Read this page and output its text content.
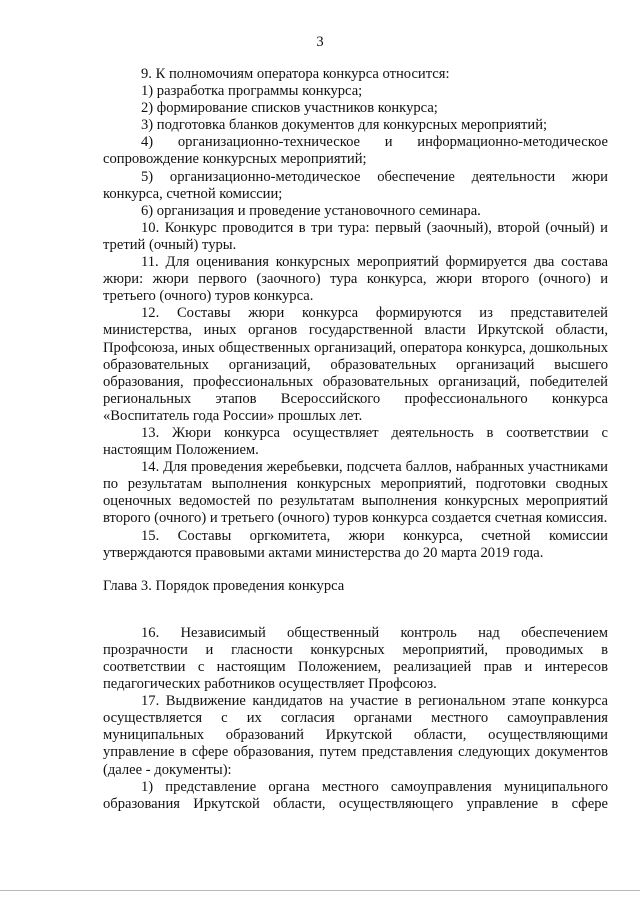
3

9. К полномочиям оператора конкурса относится:

1) разработка программы конкурса;

2) формирование списков участников конкурса;

3) подготовка бланков документов для конкурсных мероприятий;

4) организационно-техническое и информационно-методическое сопровождение конкурсных мероприятий;

5) организационно-методическое обеспечение деятельности жюри конкурса, счетной комиссии;

6) организация и проведение установочного семинара.

10. Конкурс проводится в три тура: первый (заочный), второй (очный) и третий (очный) туры.

11. Для оценивания конкурсных мероприятий формируется два состава жюри: жюри первого (заочного) тура конкурса, жюри второго (очного) и третьего (очного) туров конкурса.

12. Составы жюри конкурса формируются из представителей министерства, иных органов государственной власти Иркутской области, Профсоюза, иных общественных организаций, оператора конкурса, дошкольных образовательных организаций, образовательных организаций высшего образования, профессиональных образовательных организаций, победителей региональных этапов Всероссийского профессионального конкурса «Воспитатель года России» прошлых лет.

13. Жюри конкурса осуществляет деятельность в соответствии с настоящим Положением.

14. Для проведения жеребьевки, подсчета баллов, набранных участниками по результатам выполнения конкурсных мероприятий, подготовки сводных оценочных ведомостей по результатам выполнения конкурсных мероприятий второго (очного) и третьего (очного) туров конкурса создается счетная комиссия.

15. Составы оргкомитета, жюри конкурса, счетной комиссии утверждаются правовыми актами министерства до 20 марта 2019 года.

Глава 3. Порядок проведения конкурса

16. Независимый общественный контроль над обеспечением прозрачности и гласности конкурсных мероприятий, проводимых в соответствии с настоящим Положением, реализацией прав и интересов педагогических работников осуществляет Профсоюз.

17. Выдвижение кандидатов на участие в региональном этапе конкурса осуществляется с их согласия органами местного самоуправления муниципальных образований Иркутской области, осуществляющими управление в сфере образования, путем представления следующих документов (далее - документы):

1) представление органа местного самоуправления муниципального образования Иркутской области, осуществляющего управление в сфере
